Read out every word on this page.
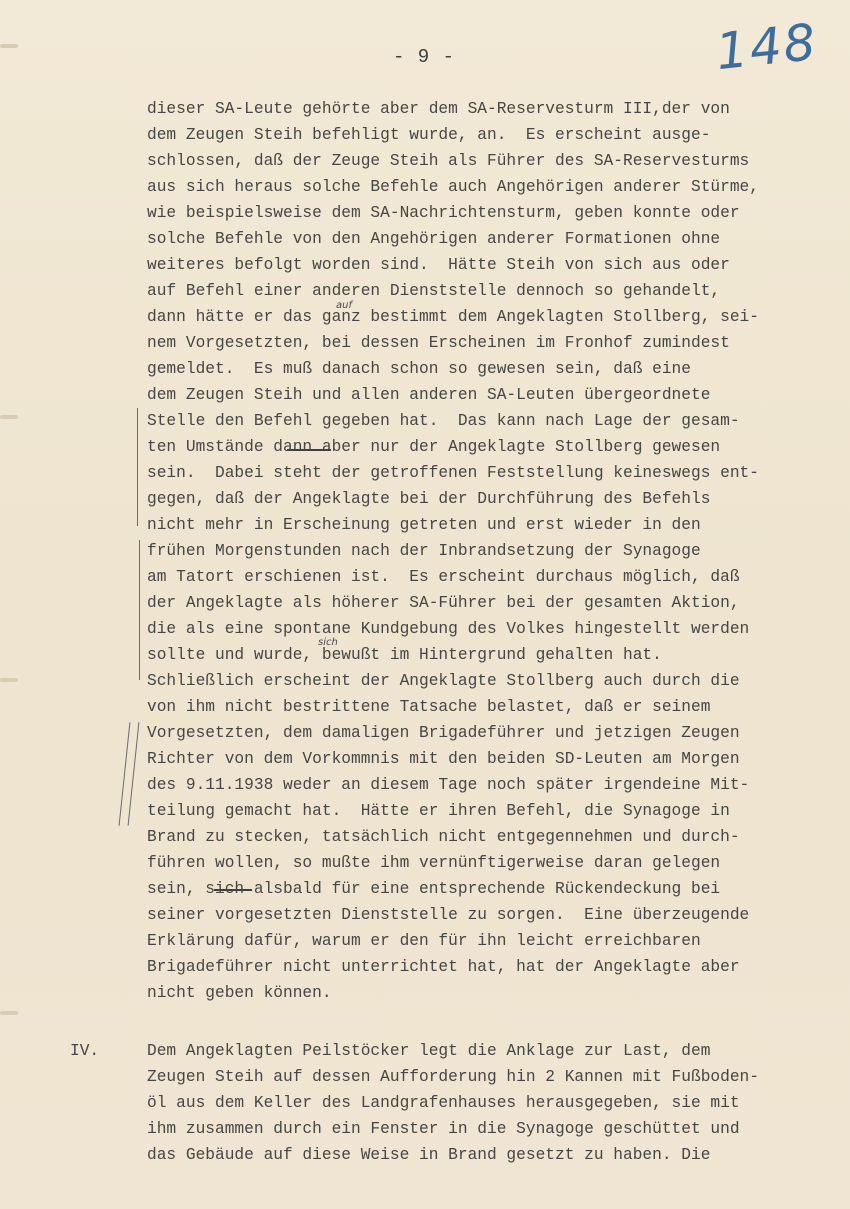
- 9 -	148
auf
sich
dieser SA-Leute gehörte aber dem SA-Reservesturm III,der von
dem Zeugen Steih befehligt wurde, an.  Es erscheint ausge-
schlossen, daß der Zeuge Steih als Führer des SA-Reservesturms
aus sich heraus solche Befehle auch Angehörigen anderer Stürme,
wie beispielsweise dem SA-Nachrichtensturm, geben konnte oder
solche Befehle von den Angehörigen anderer Formationen ohne
weiteres befolgt worden sind.  Hätte Steih von sich aus oder
auf Befehl einer anderen Dienststelle dennoch so gehandelt,
dann hätte er das ganz bestimmt dem Angeklagten Stollberg, sei-
nem Vorgesetzten, bei dessen Erscheinen im Fronhof zumindest
gemeldet.  Es muß danach schon so gewesen sein, daß eine
dem Zeugen Steih und allen anderen SA-Leuten übergeordnete
Stelle den Befehl gegeben hat.  Das kann nach Lage der gesam-
ten Umstände dann aber nur der Angeklagte Stollberg gewesen
sein.  Dabei steht der getroffenen Feststellung keineswegs ent-
gegen, daß der Angeklagte bei der Durchführung des Befehls
nicht mehr in Erscheinung getreten und erst wieder in den
frühen Morgenstunden nach der Inbrandsetzung der Synagoge
am Tatort erschienen ist.  Es erscheint durchaus möglich, daß
der Angeklagte als höherer SA-Führer bei der gesamten Aktion,
die als eine spontane Kundgebung des Volkes hingestellt werden
sollte und wurde, bewußt im Hintergrund gehalten hat.
Schließlich erscheint der Angeklagte Stollberg auch durch die
von ihm nicht bestrittene Tatsache belastet, daß er seinem
Vorgesetzten, dem damaligen Brigadeführer und jetzigen Zeugen
Richter von dem Vorkommnis mit den beiden SD-Leuten am Morgen
des 9.11.1938 weder an diesem Tage noch später irgendeine Mit-
teilung gemacht hat.  Hätte er ihren Befehl, die Synagoge in
Brand zu stecken, tatsächlich nicht entgegennehmen und durch-
führen wollen, so mußte ihm vernünftigerweise daran gelegen
sein, sich alsbald für eine entsprechende Rückendeckung bei
seiner vorgesetzten Dienststelle zu sorgen.  Eine überzeugende
Erklärung dafür, warum er den für ihn leicht erreichbaren
Brigadeführer nicht unterrichtet hat, hat der Angeklagte aber
nicht geben können.
IV.	Dem Angeklagten Peilstöcker legt die Anklage zur Last, dem
Zeugen Steih auf dessen Aufforderung hin 2 Kannen mit Fußboden-
öl aus dem Keller des Landgrafenhauses herausgegeben, sie mit
ihm zusammen durch ein Fenster in die Synagoge geschüttet und
das Gebäude auf diese Weise in Brand gesetzt zu haben. Die
